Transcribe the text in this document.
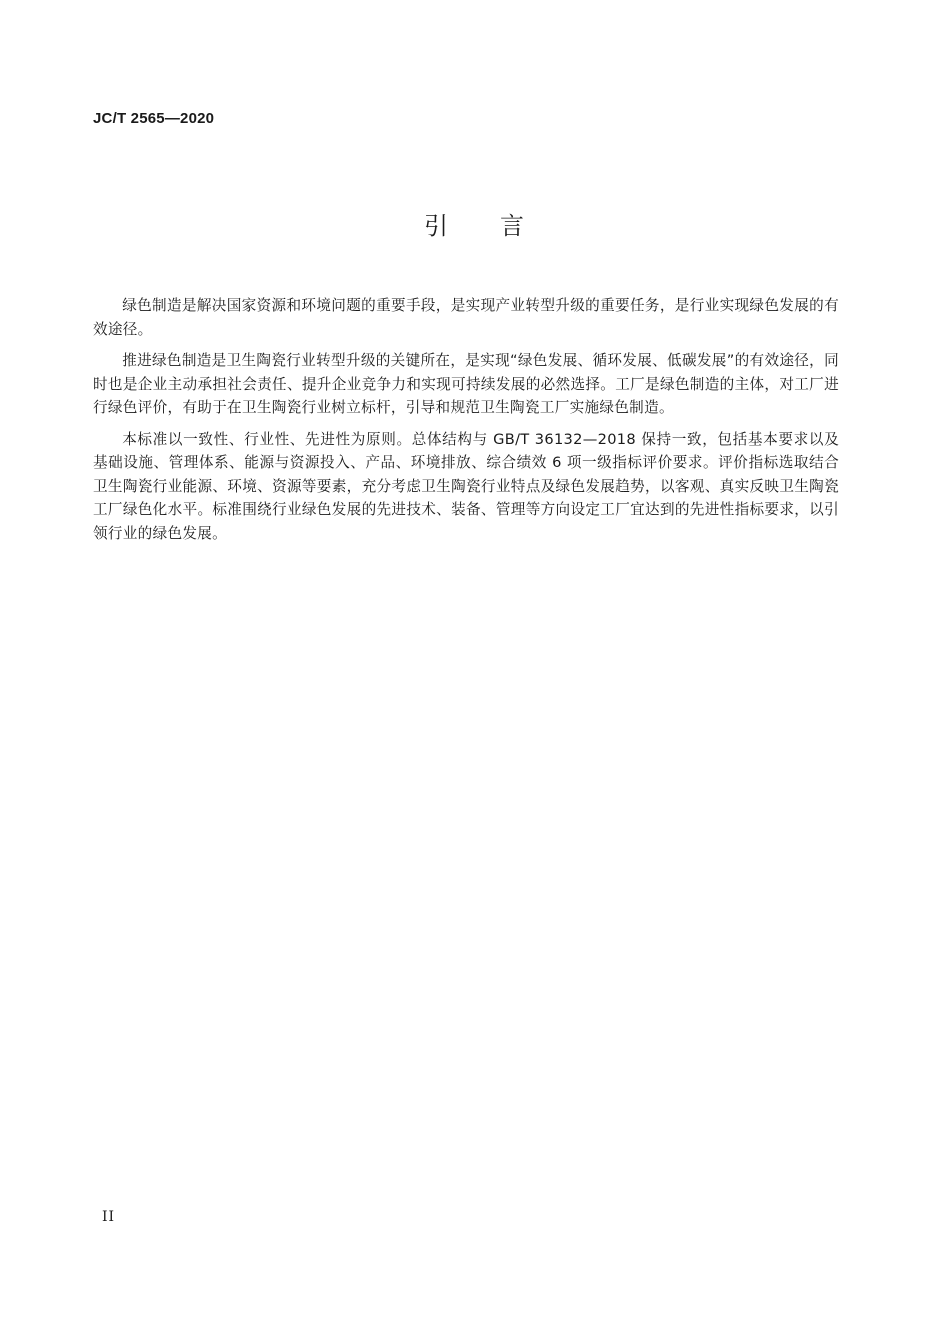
JC/T 2565—2020
引 言

绿色制造是解决国家资源和环境问题的重要手段，是实现产业转型升级的重要任务，是行业实现绿色发展的有效途径。

推进绿色制造是卫生陶瓷行业转型升级的关键所在，是实现“绿色发展、循环发展、低碳发展”的有效途径，同时也是企业主动承担社会责任、提升企业竞争力和实现可持续发展的必然选择。工厂是绿色制造的主体，对工厂进行绿色评价，有助于在卫生陶瓷行业树立标杆，引导和规范卫生陶瓷工厂实施绿色制造。

本标准以一致性、行业性、先进性为原则。总体结构与 GB/T 36132—2018 保持一致，包括基本要求以及基础设施、管理体系、能源与资源投入、产品、环境排放、综合绩效 6 项一级指标评价要求。评价指标选取结合卫生陶瓷行业能源、环境、资源等要素，充分考虑卫生陶瓷行业特点及绿色发展趋势，以客观、真实反映卫生陶瓷工厂绿色化水平。标准围绕行业绿色发展的先进技术、装备、管理等方向设定工厂宜达到的先进性指标要求，以引领行业的绿色发展。

II
